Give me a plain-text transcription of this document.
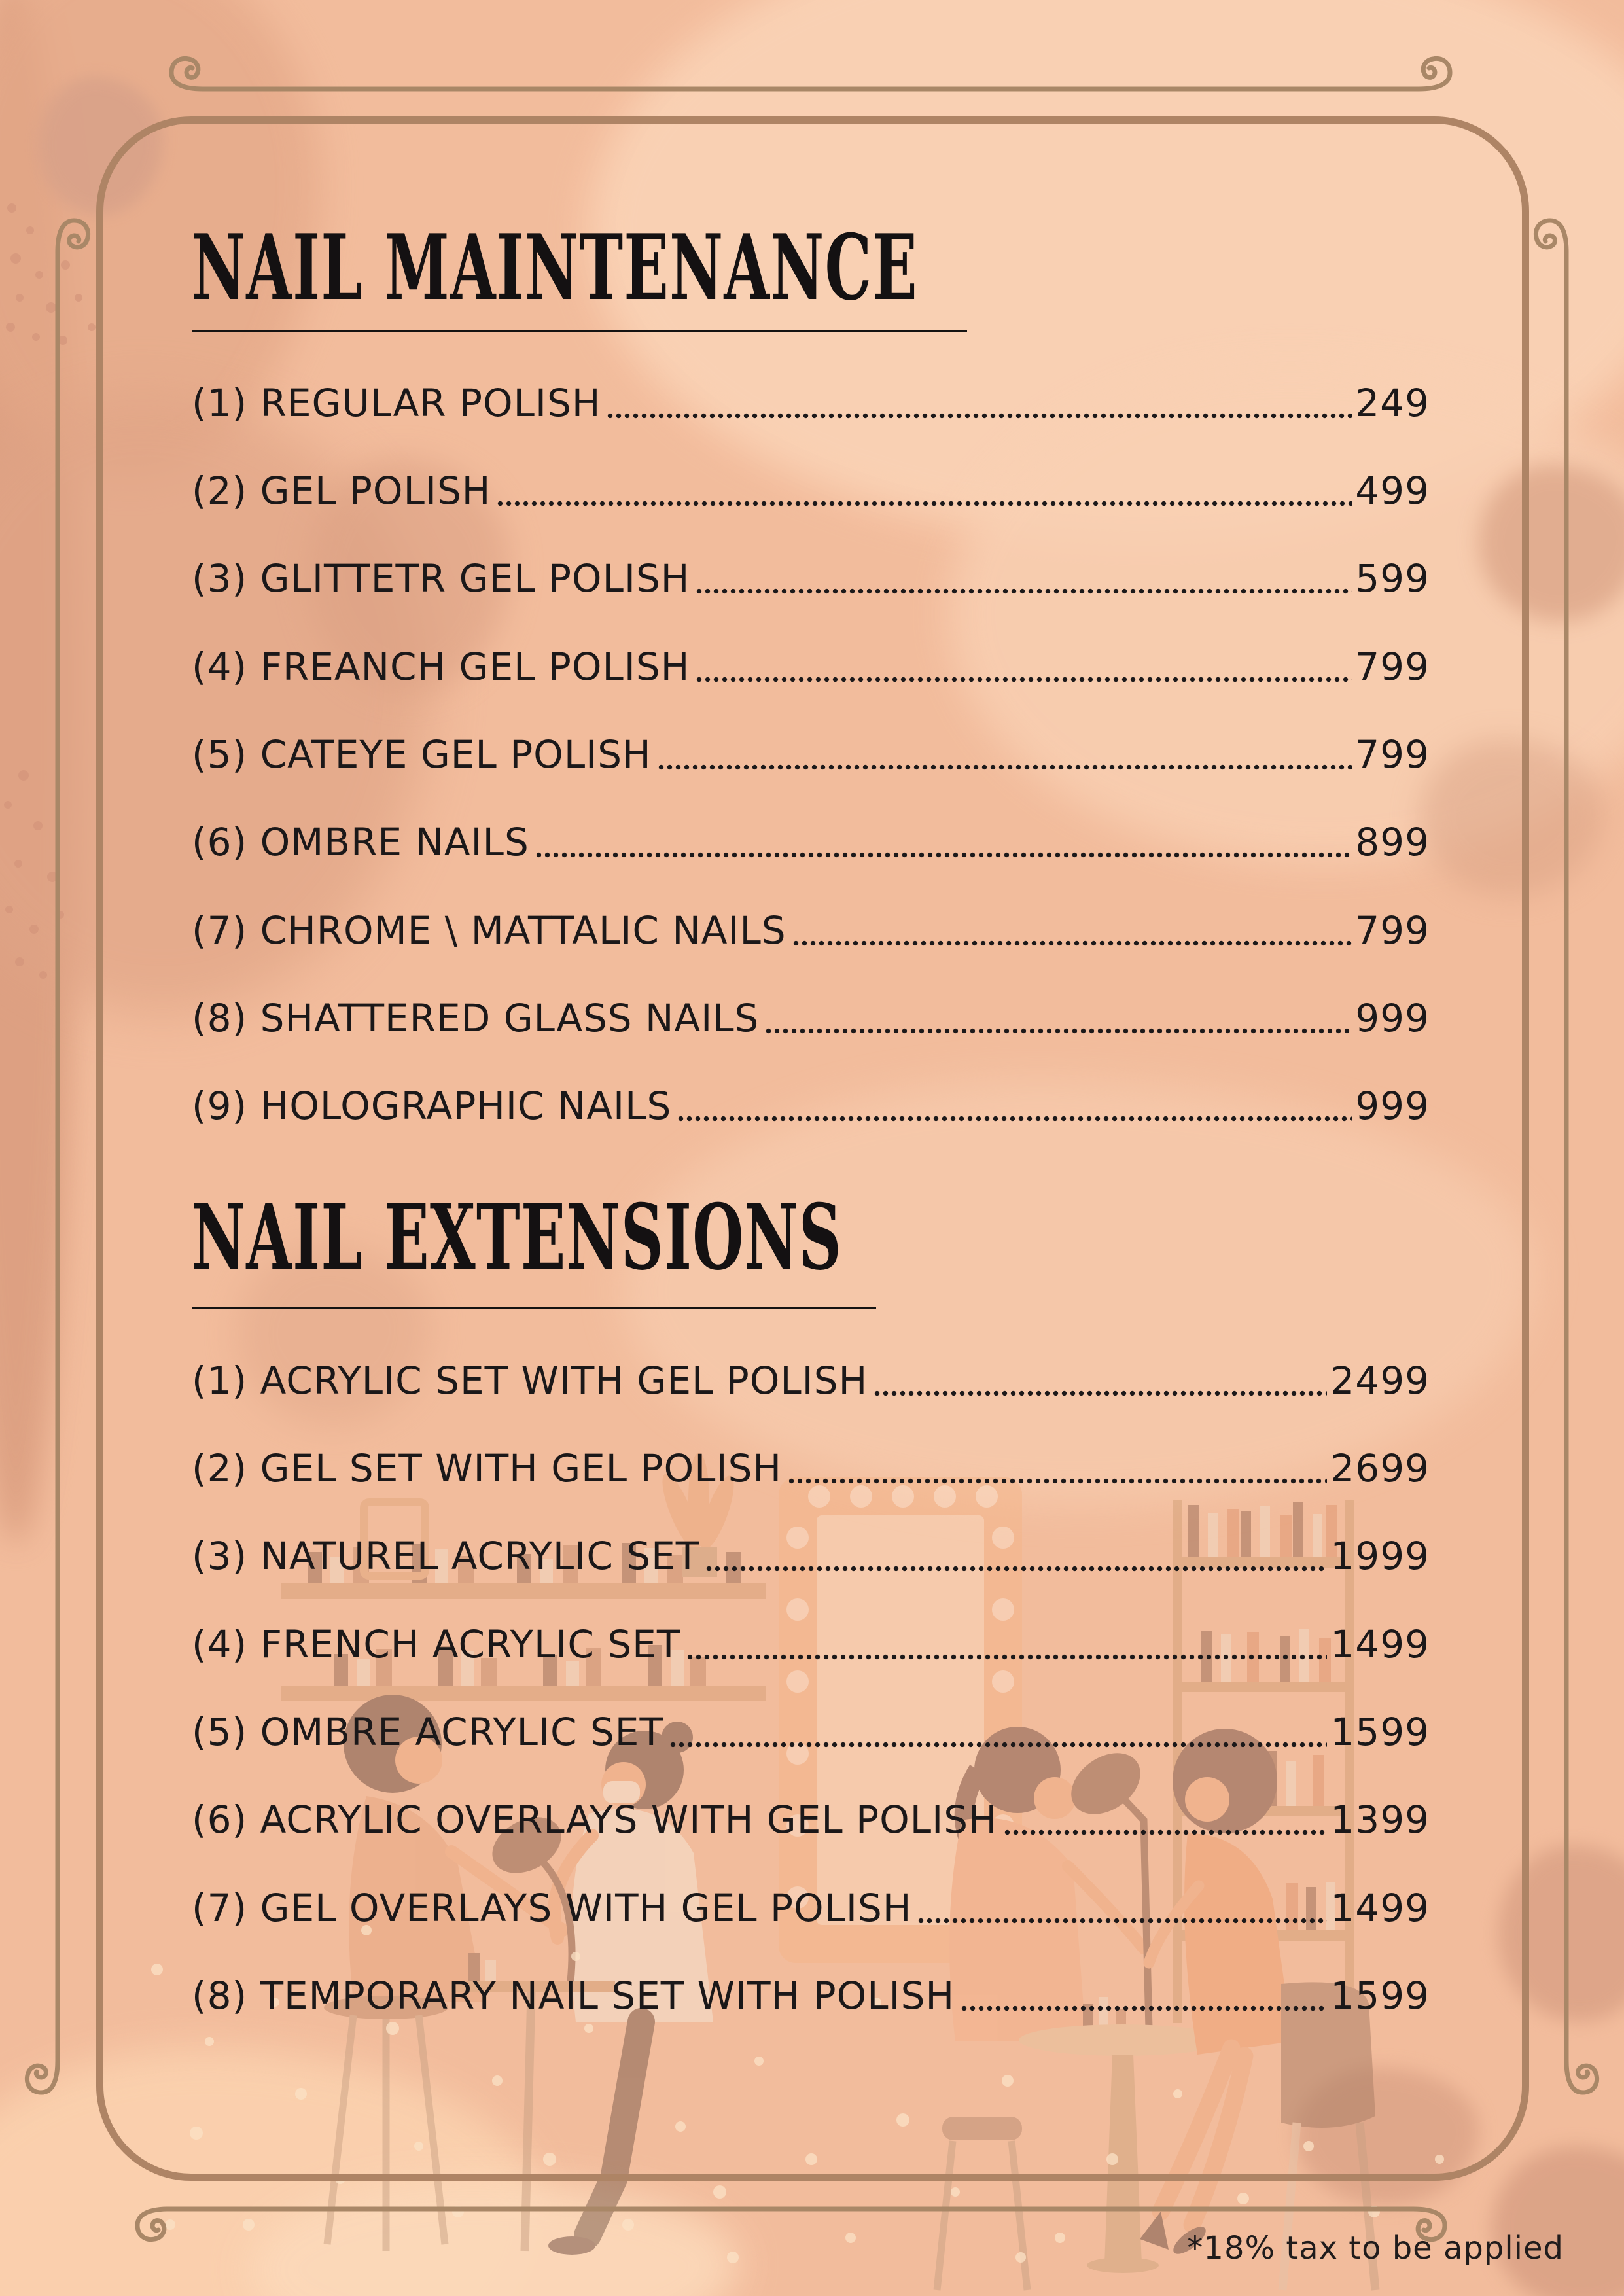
NAIL MAINTENANCE
(1) REGULAR POLISH	249
(2) GEL POLISH	499
(3) GLITTETR GEL POLISH	599
(4) FREANCH GEL POLISH	799
(5) CATEYE GEL POLISH	799
(6) OMBRE NAILS	899
(7) CHROME \ MATTALIC NAILS	799
(8) SHATTERED GLASS NAILS	999
(9) HOLOGRAPHIC NAILS	999
NAIL EXTENSIONS
(1) ACRYLIC SET WITH GEL POLISH	2499
(2) GEL SET WITH GEL POLISH	2699
(3) NATUREL ACRYLIC SET	1999
(4) FRENCH ACRYLIC SET	1499
(5) OMBRE ACRYLIC SET	1599
(6) ACRYLIC OVERLAYS WITH GEL POLISH	1399
(7) GEL OVERLAYS WITH GEL POLISH	1499
(8) TEMPORARY NAIL SET WITH POLISH	1599
*18% tax to be applied
